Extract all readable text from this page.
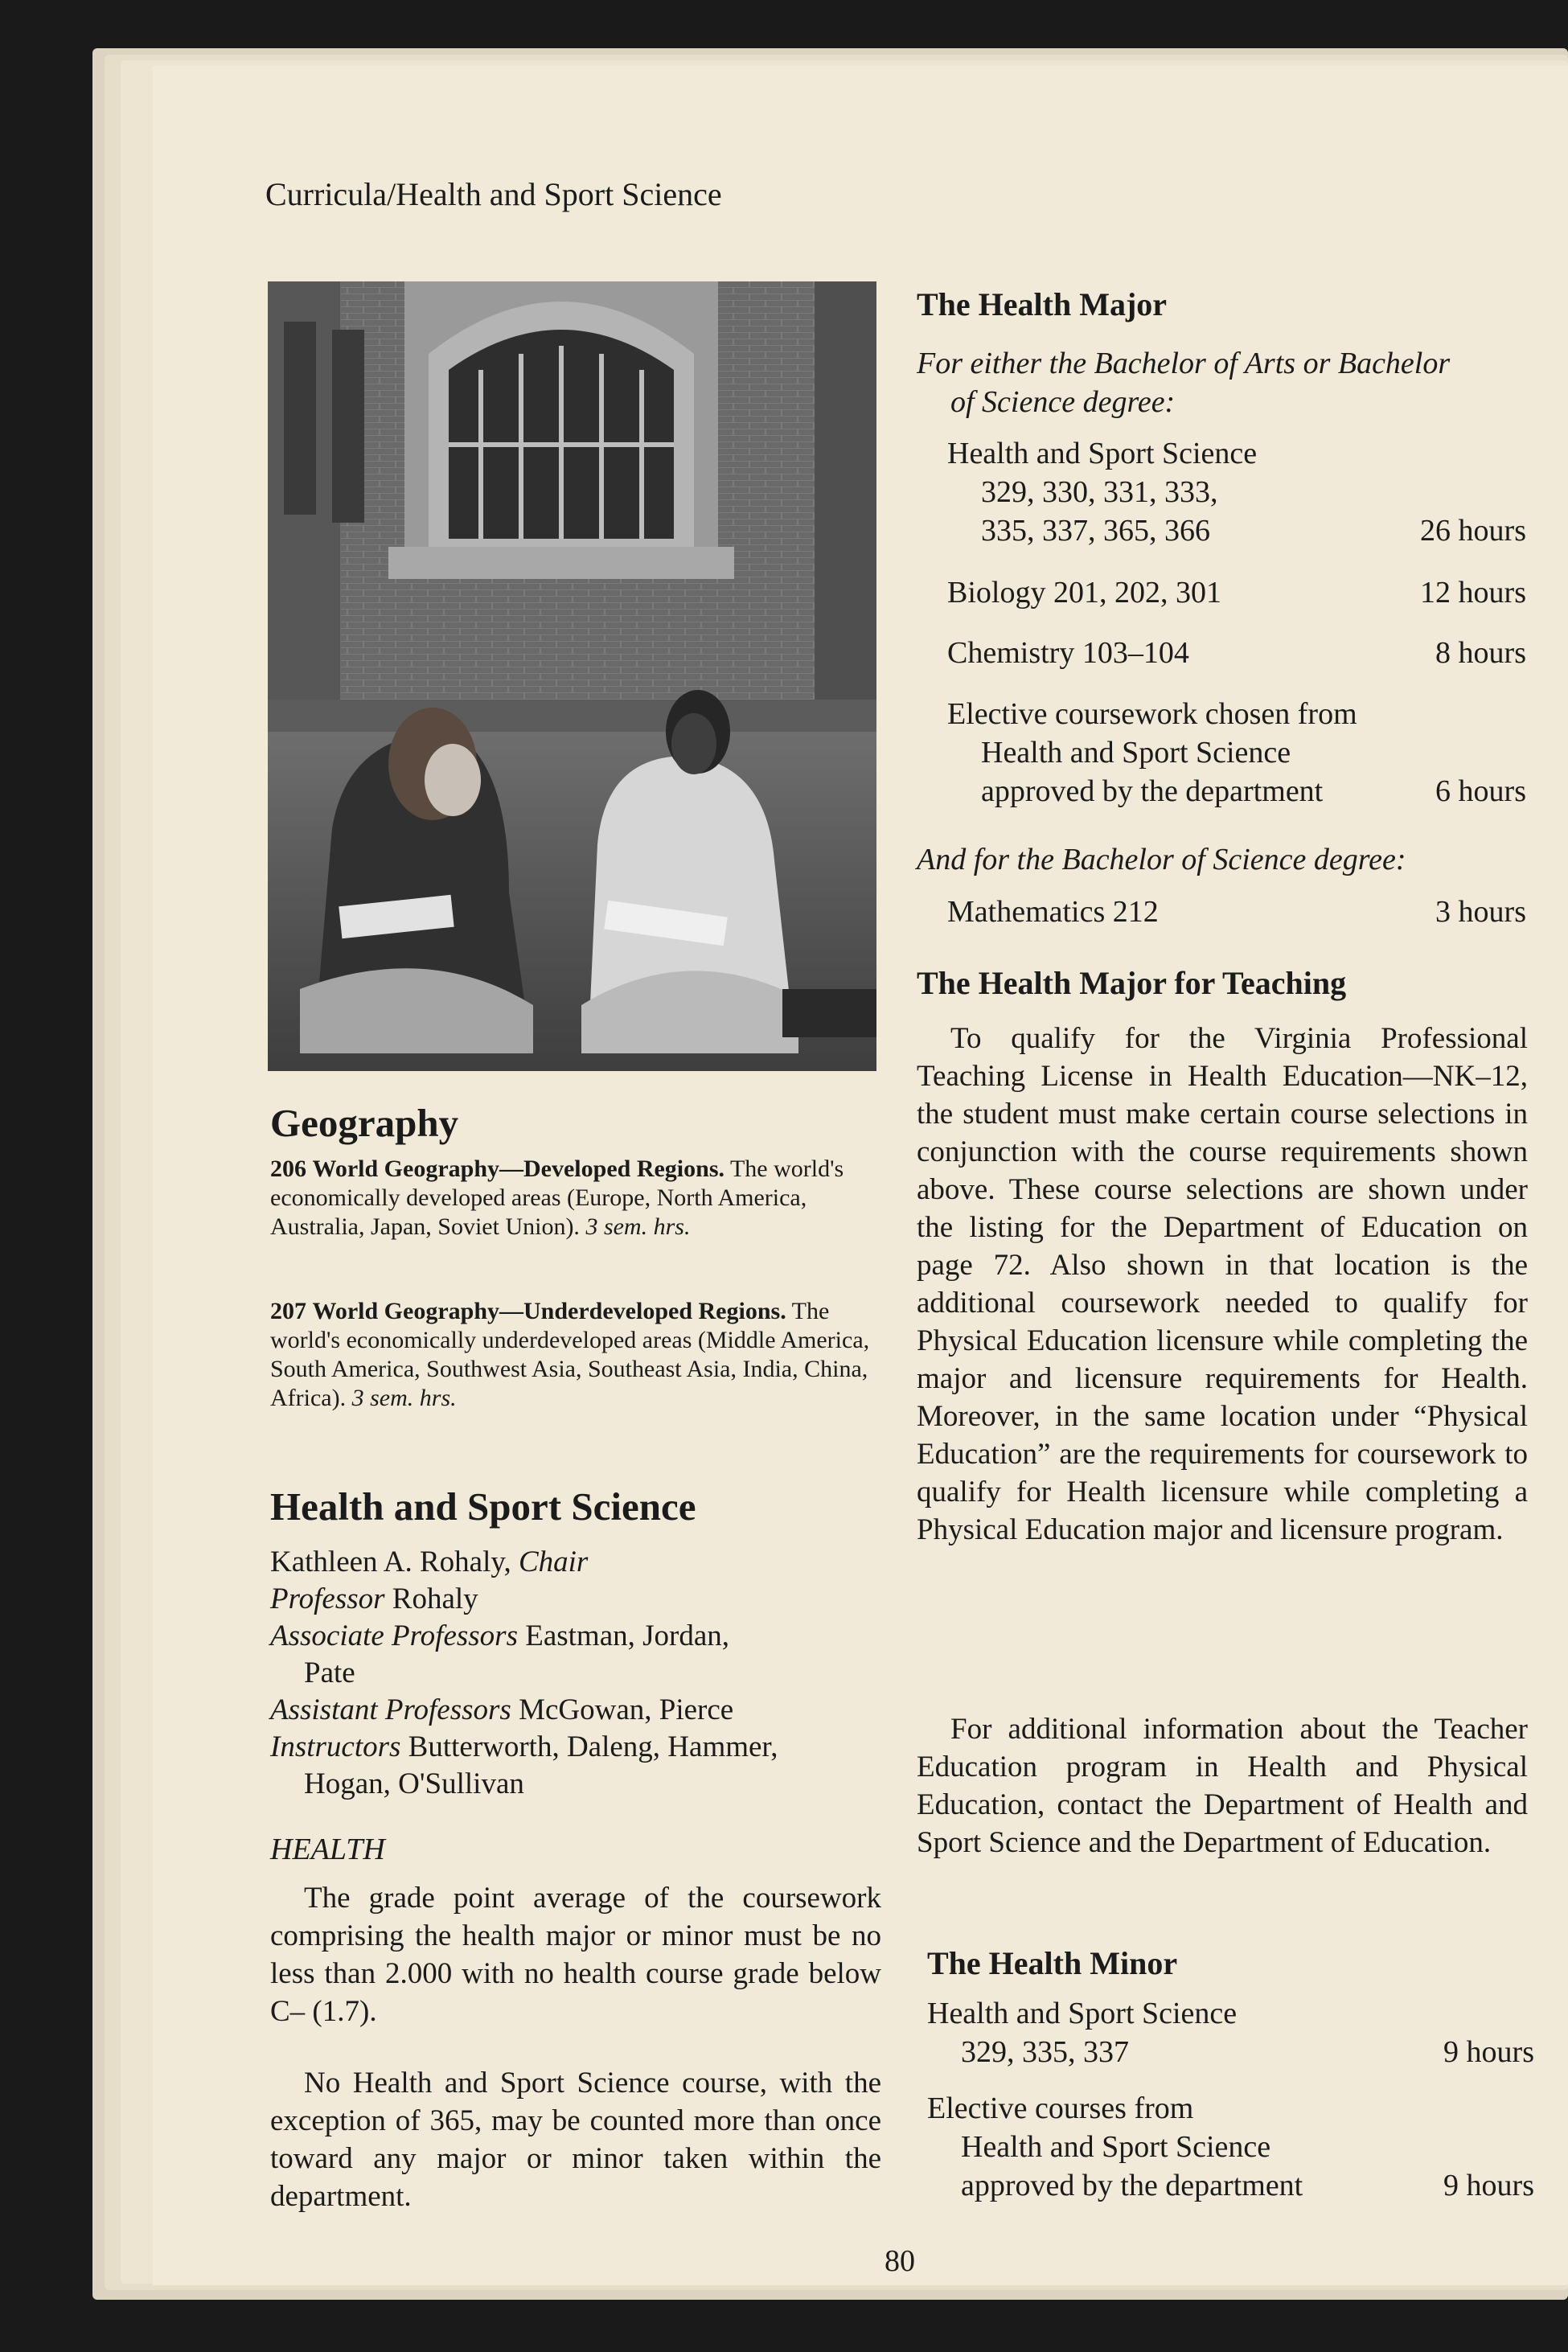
Curricula/Health and Sport Science
Geography

206 World Geography—Developed Regions. The world's economically developed areas (Europe, North America, Australia, Japan, Soviet Union). 3 sem. hrs.

207 World Geography—Underdeveloped Regions. The world's economically underdeveloped areas (Middle America, South America, Southwest Asia, Southeast Asia, India, China, Africa). 3 sem. hrs.

Health and Sport Science
Kathleen A. Rohaly, Chair
Professor Rohaly
Associate Professors Eastman, Jordan,
Pate
Assistant Professors McGowan, Pierce
Instructors Butterworth, Daleng, Hammer,
Hogan, O'Sullivan
HEALTH

The grade point average of the coursework comprising the health major or minor must be no less than 2.000 with no health course grade below C– (1.7).

No Health and Sport Science course, with the exception of 365, may be counted more than once toward any major or minor taken within the department.

The Health Major
For either the Bachelor of Arts or Bachelor
of Science degree:
Health and Sport Science
329, 330, 331, 333,
335, 337, 365, 366	26 hours
Biology 201, 202, 301	12 hours
Chemistry 103–104	8 hours
Elective coursework chosen from
Health and Sport Science
approved by the department	6 hours
And for the Bachelor of Science degree:
Mathematics 212	3 hours
The Health Major for Teaching

To qualify for the Virginia Professional Teaching License in Health Education—NK–12, the student must make certain course selections in conjunction with the course requirements shown above. These course selections are shown under the listing for the Department of Education on page 72. Also shown in that location is the additional coursework needed to qualify for Physical Education licensure while completing the major and licensure requirements for Health. Moreover, in the same location under “Physical Education” are the requirements for coursework to qualify for Health licensure while completing a Physical Education major and licensure program.

For additional information about the Teacher Education program in Health and Physical Education, contact the Department of Health and Sport Science and the Department of Education.

The Health Minor
Health and Sport Science
329, 335, 337	9 hours
Elective courses from
Health and Sport Science
approved by the department	9 hours
80
